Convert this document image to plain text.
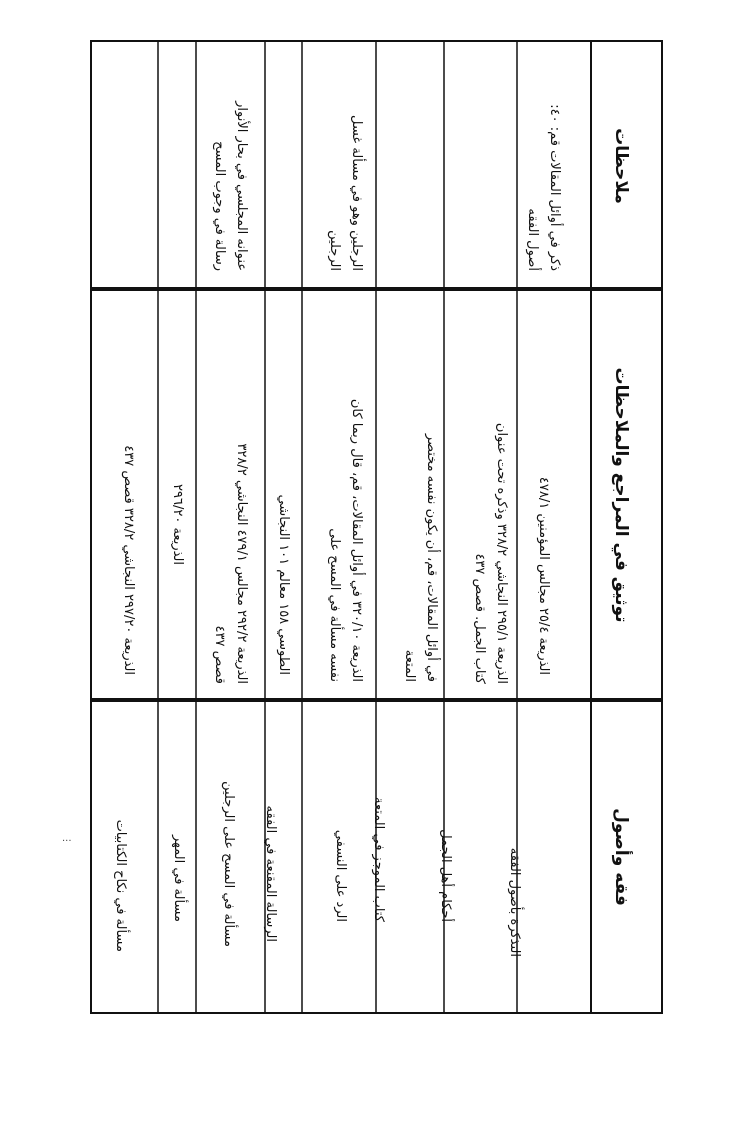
ملاحظات
توثيق في المراجع والملاحظات
فقه وأصول
التذكرة بأصول الفقه
الذريعة ٢٥/٤ مجالس المؤمنين ٤٧٨/١
ذكر في أوائل المقالات قم: ٤٠:
أصول الفقه
أحكام أهل الجمل
الذريعة ٢٩٥/١ النجاشي ٣٢٨/٢ وذكره تحت عنوان
كتاب الجمل. قصص ٤٣٧
كتاب الموجز في المتعة
في أوائل المقالات، قم، أن يكون نفسه مختصر
المتعة
الرد على النسفي
الذريعة ٣٢٠/١٠ في أوائل المقالات، قم، قال ربما كان
نفسه مسألة في المسح على
الرجلين وهو في مسألة غسل
الرجلين
الرسالة المقنعة في الفقه
الطوسي ١٥٨ معالم ١٠١ النجاشي
مسألة في المسح على الرجلين
الذريعة ٢٩٢/٢ مجالس ٤٧٩/١ النجاشي ٣٢٨/٢
قصص ٤٣٧
عنوانه المجلسي في بحار الأنوار
رسالة في وجوب المسح
مسألة في المهر
الذريعة ٢٩٦/٢٠
مسألة في نكاح الكتابيات
الذريعة ٢٩٧/٢٠ النجاشي ٣٢٨/٢ قصص ٤٣٧
...
